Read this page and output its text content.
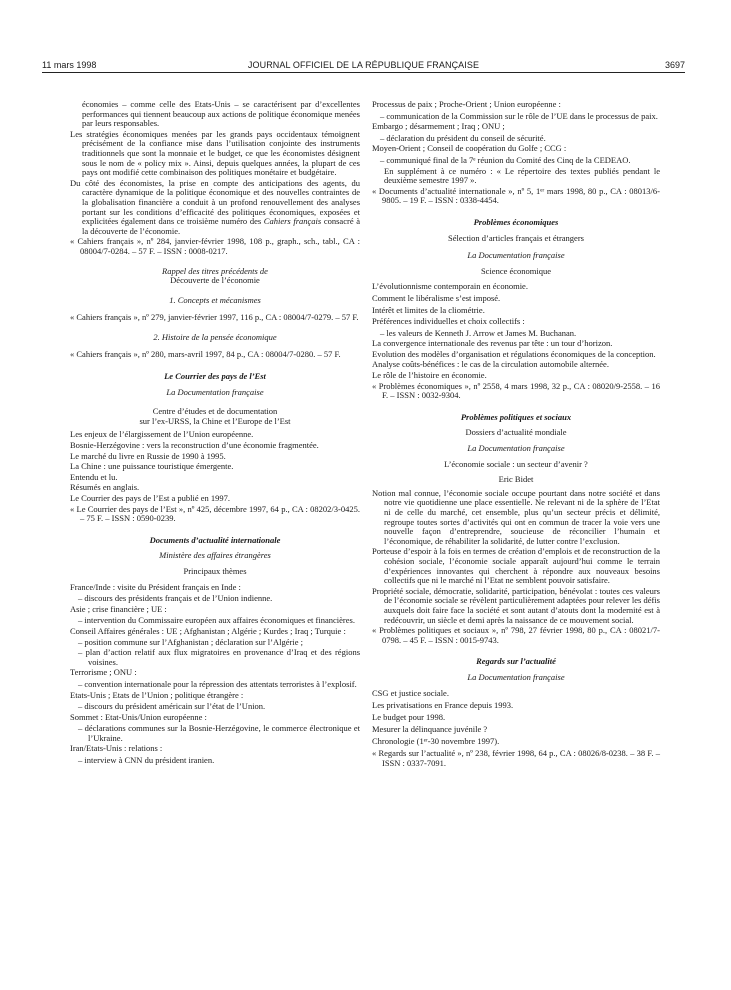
11 mars 1998	JOURNAL OFFICIEL DE LA RÉPUBLIQUE FRANÇAISE	3697

économies – comme celle des Etats-Unis – se caractérisent par d’excellentes performances qui tiennent beaucoup aux actions de politique économique menées par leurs responsables.

Les stratégies économiques menées par les grands pays occidentaux témoignent précisément de la confiance mise dans l’utilisation conjointe des instruments traditionnels que sont la monnaie et le budget, ce que les économistes désignent sous le nom de « policy mix ». Ainsi, depuis quelques années, la plupart de ces pays ont modifié cette combinaison des politiques monétaire et budgétaire.

Du côté des économistes, la prise en compte des anticipations des agents, du caractère dynamique de la politique économique et des nouvelles contraintes de la globalisation financière a conduit à un profond renouvellement des analyses portant sur les conditions d’efficacité des politiques économiques, exposées et explicitées également dans ce troisième numéro des Cahiers français consacré à la découverte de l’économie.

« Cahiers français », nº 284, janvier-février 1998, 108 p., graph., sch., tabl., CA : 08004/7-0284. – 57 F. – ISSN : 0008-0217.

Rappel des titres précédents de

Découverte de l’économie

1. Concepts et mécanismes

« Cahiers français », nº 279, janvier-février 1997, 116 p., CA : 08004/7-0279. – 57 F.

2. Histoire de la pensée économique

« Cahiers français », nº 280, mars-avril 1997, 84 p., CA : 08004/7-0280. – 57 F.

Le Courrier des pays de l’Est

La Documentation française

Centre d’études et de documentation

sur l’ex-URSS, la Chine et l’Europe de l’Est

Les enjeux de l’élargissement de l’Union européenne.

Bosnie-Herzégovine : vers la reconstruction d’une économie fragmentée.

Le marché du livre en Russie de 1990 à 1995.

La Chine : une puissance touristique émergente.

Entendu et lu.

Résumés en anglais.

Le Courrier des pays de l’Est a publié en 1997.

« Le Courrier des pays de l’Est », nº 425, décembre 1997, 64 p., CA : 08202/3-0425. – 75 F. – ISSN : 0590-0239.

Documents d’actualité internationale

Ministère des affaires étrangères

Principaux thèmes

France/Inde : visite du Président français en Inde :

– discours des présidents français et de l’Union indienne.

Asie ; crise financière ; UE :

– intervention du Commissaire européen aux affaires économiques et financières.

Conseil Affaires générales : UE ; Afghanistan ; Algérie ; Kurdes ; Iraq ; Turquie :

– position commune sur l’Afghanistan ; déclaration sur l’Algérie ;

– plan d’action relatif aux flux migratoires en provenance d’Iraq et des régions voisines.

Terrorisme ; ONU :

– convention internationale pour la répression des attentats terroristes à l’explosif.

Etats-Unis ; Etats de l’Union ; politique étrangère :

– discours du président américain sur l’état de l’Union.

Sommet : Etat-Unis/Union européenne :

– déclarations communes sur la Bosnie-Herzégovine, le commerce électronique et l’Ukraine.

Iran/Etats-Unis : relations :

– interview à CNN du président iranien.

Processus de paix ; Proche-Orient ; Union européenne :

– communication de la Commission sur le rôle de l’UE dans le processus de paix.

Embargo ; désarmement ; Iraq ; ONU ;

– déclaration du président du conseil de sécurité.

Moyen-Orient ; Conseil de coopération du Golfe ; CCG :

– communiqué final de la 7ᵉ réunion du Comité des Cinq de la CEDEAO.

En supplément à ce numéro : « Le répertoire des textes publiés pendant le deuxième semestre 1997 ».

« Documents d’actualité internationale », nº 5, 1ᵉʳ mars 1998, 80 p., CA : 08013/6-9805. – 19 F. – ISSN : 0338-4454.

Problèmes économiques

Sélection d’articles français et étrangers

La Documentation française

Science économique

L’évolutionnisme contemporain en économie.

Comment le libéralisme s’est imposé.

Intérêt et limites de la cliométrie.

Préférences individuelles et choix collectifs :

– les valeurs de Kenneth J. Arrow et James M. Buchanan.

La convergence internationale des revenus par tête : un tour d’horizon.

Evolution des modèles d’organisation et régulations économiques de la conception.

Analyse coûts-bénéfices : le cas de la circulation automobile alternée.

Le rôle de l’histoire en économie.

« Problèmes économiques », nº 2558, 4 mars 1998, 32 p., CA : 08020/9-2558. – 16 F. – ISSN : 0032-9304.

Problèmes politiques et sociaux

Dossiers d’actualité mondiale

La Documentation française

L’économie sociale : un secteur d’avenir ?

Eric Bidet

Notion mal connue, l’économie sociale occupe pourtant dans notre société et dans notre vie quotidienne une place essentielle. Ne relevant ni de la sphère de l’Etat ni de celle du marché, cet ensemble, plus qu’un secteur précis et délimité, regroupe toutes sortes d’activités qui ont en commun de tracer la voie vers une nouvelle façon d’entreprendre, soucieuse de réconcilier l’humain et l’économique, de réhabiliter la solidarité, de lutter contre l’exclusion.

Porteuse d’espoir à la fois en termes de création d’emplois et de reconstruction de la cohésion sociale, l’économie sociale apparaît aujourd’hui comme le terrain d’expériences innovantes qui cherchent à répondre aux nouveaux besoins collectifs que ni le marché ni l’Etat ne semblent pouvoir satisfaire.

Propriété sociale, démocratie, solidarité, participation, bénévolat : toutes ces valeurs de l’économie sociale se révèlent particulièrement adaptées pour relever les défis auxquels doit faire face la société et sont autant d’atouts dont la modernité est à redécouvrir, un siècle et demi après la naissance de ce mouvement social.

« Problèmes politiques et sociaux », nº 798, 27 février 1998, 80 p., CA : 08021/7-0798. – 45 F. – ISSN : 0015-9743.

Regards sur l’actualité

La Documentation française

CSG et justice sociale.

Les privatisations en France depuis 1993.

Le budget pour 1998.

Mesurer la délinquance juvénile ?

Chronologie (1ᵉʳ-30 novembre 1997).

« Regards sur l’actualité », nº 238, février 1998, 64 p., CA : 08026/8-0238. – 38 F. – ISSN : 0337-7091.
